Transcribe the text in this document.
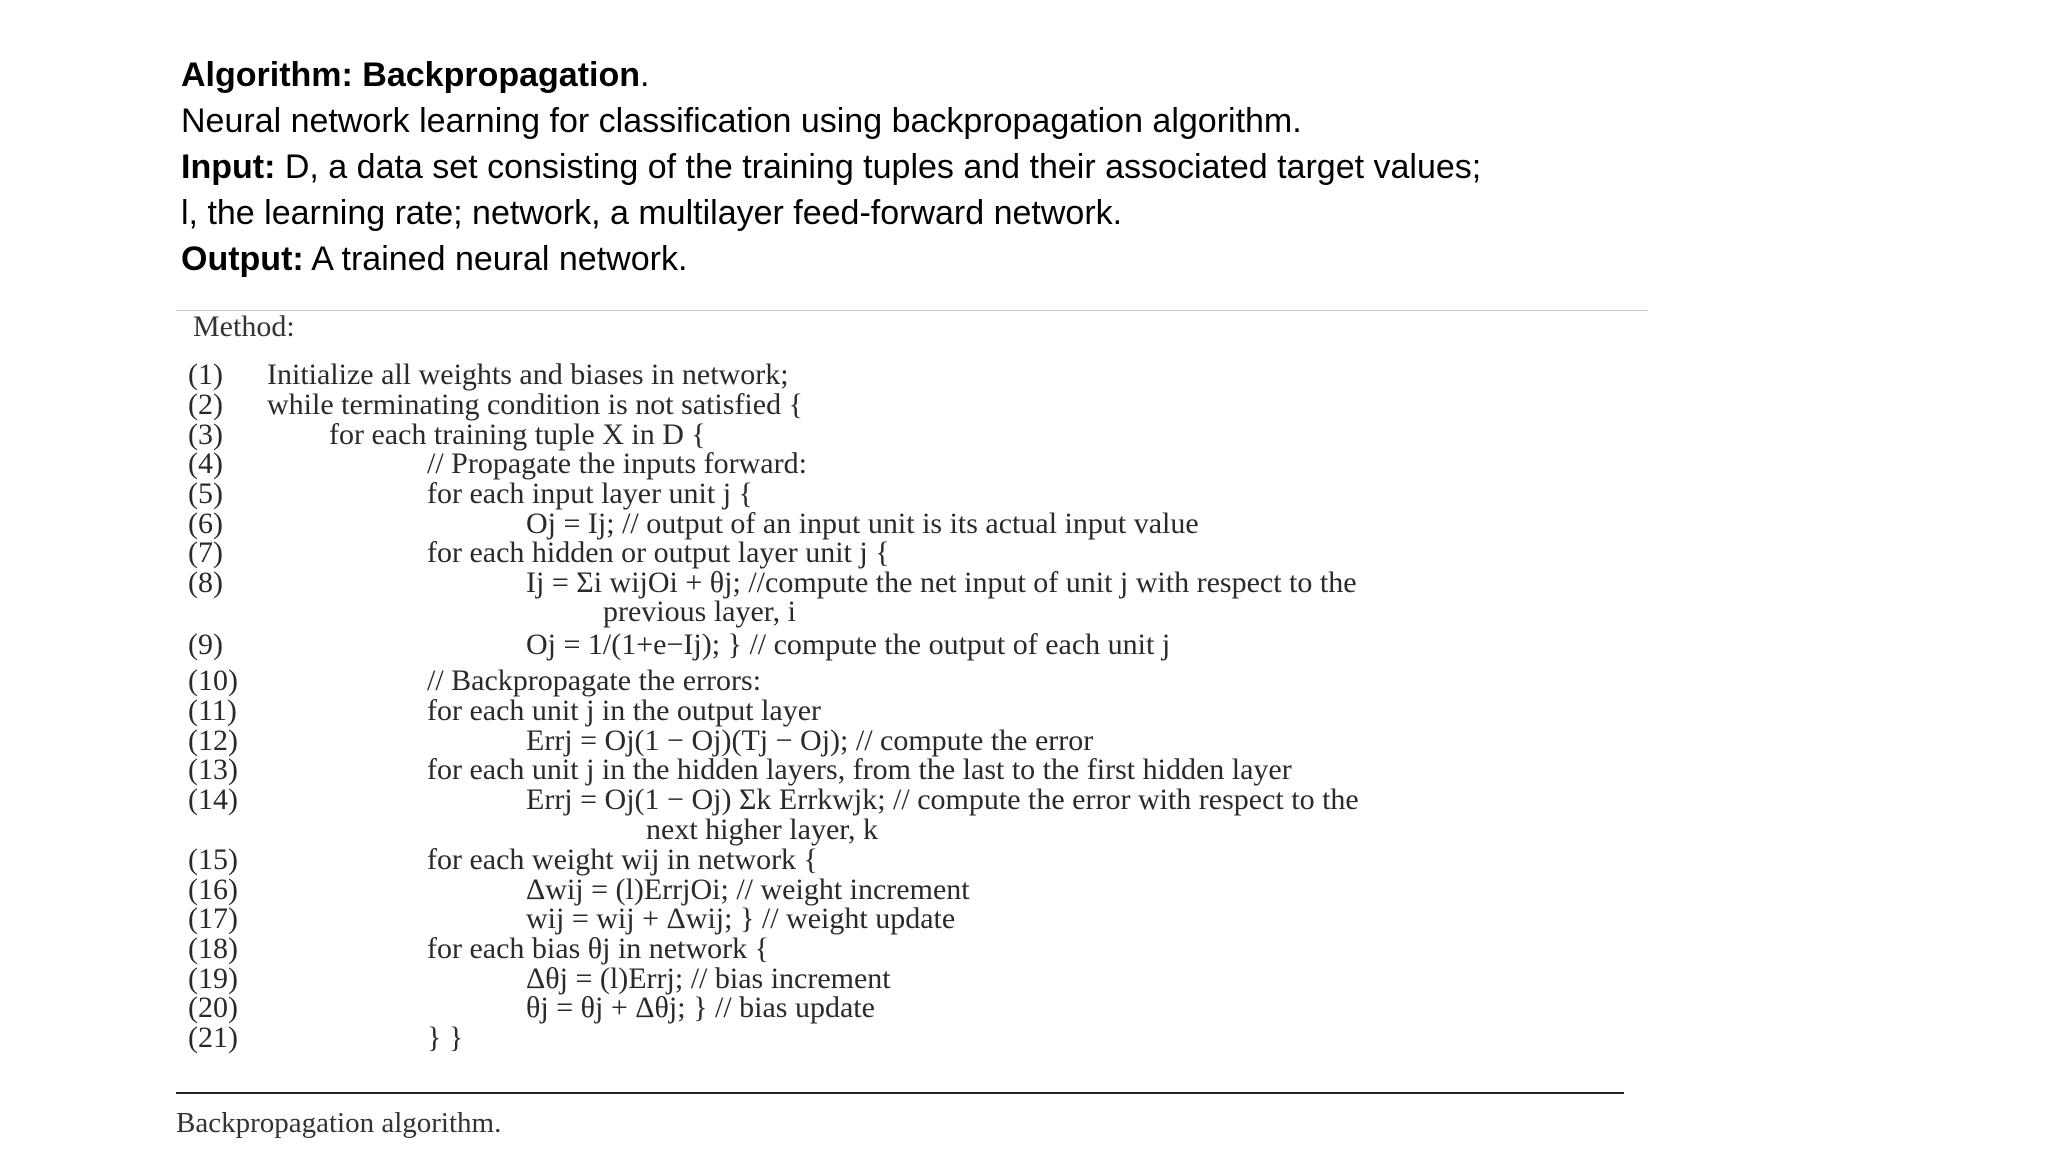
Algorithm: Backpropagation.
Neural network learning for classification using backpropagation algorithm.
Input: D, a data set consisting of the training tuples and their associated target values;
l, the learning rate; network, a multilayer feed-forward network.
Output: A trained neural network.
Method:
(1) Initialize all weights and biases in network;
(2) while terminating condition is not satisfied {
(3)	for each training tuple X in D {
(4)	// Propagate the inputs forward:
(5)	for each input layer unit j {
(6)	Oj = Ij; // output of an input unit is its actual input value
(7)	for each hidden or output layer unit j {
(8)	Ij = Σi wijOi + θj; //compute the net input of unit j with respect to the
previous layer, i
(9)	Oj = 1/(1+e−Ij); } // compute the output of each unit j
(10)	// Backpropagate the errors:
(11)	for each unit j in the output layer
(12)	Errj = Oj(1 − Oj)(Tj − Oj); // compute the error
(13)	for each unit j in the hidden layers, from the last to the first hidden layer
(14)	Errj = Oj(1 − Oj) Σk Errkwjk; // compute the error with respect to the
next higher layer, k
(15)	for each weight wij in network {
(16)	Δwij = (l)ErrjOi; // weight increment
(17)	wij = wij + Δwij; } // weight update
(18)	for each bias θj in network {
(19)	Δθj = (l)Errj; // bias increment
(20)	θj = θj + Δθj; } // bias update
(21)	} }
Backpropagation algorithm.
